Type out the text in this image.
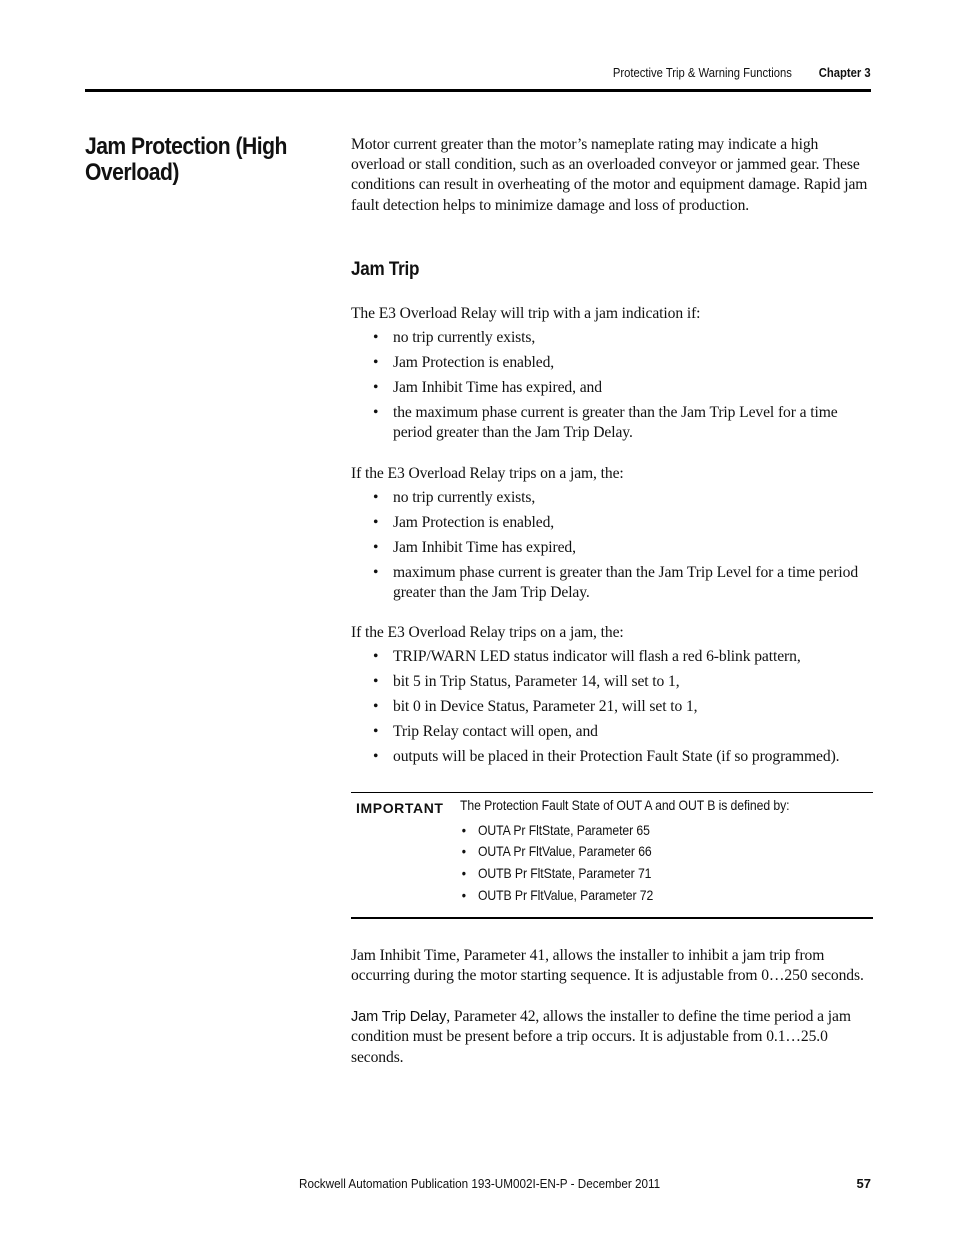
Protective Trip & Warning Functions Chapter 3
Jam Protection (High Overload)

Motor current greater than the motor’s nameplate rating may indicate a high overload or stall condition, such as an overloaded conveyor or jammed gear. These conditions can result in overheating of the motor and equipment damage. Rapid jam fault detection helps to minimize damage and loss of production.

Jam Trip

The E3 Overload Relay will trip with a jam indication if:

• no trip currently exists,
• Jam Protection is enabled,
• Jam Inhibit Time has expired, and
• the maximum phase current is greater than the Jam Trip Level for a time period greater than the Jam Trip Delay.

If the E3 Overload Relay trips on a jam, the:

• no trip currently exists,
• Jam Protection is enabled,
• Jam Inhibit Time has expired,
• maximum phase current is greater than the Jam Trip Level for a time period greater than the Jam Trip Delay.

If the E3 Overload Relay trips on a jam, the:

• TRIP/WARN LED status indicator will flash a red 6-blink pattern,
• bit 5 in Trip Status, Parameter 14, will set to 1,
• bit 0 in Device Status, Parameter 21, will set to 1,
• Trip Relay contact will open, and
• outputs will be placed in their Protection Fault State (if so programmed).
IMPORTANT The Protection Fault State of OUT A and OUT B is defined by:
• OUTA Pr FltState, Parameter 65
• OUTA Pr FltValue, Parameter 66
• OUTB Pr FltState, Parameter 71
• OUTB Pr FltValue, Parameter 72

Jam Inhibit Time, Parameter 41, allows the installer to inhibit a jam trip from occurring during the motor starting sequence. It is adjustable from 0…250 seconds.

Jam Trip Delay, Parameter 42, allows the installer to define the time period a jam condition must be present before a trip occurs. It is adjustable from 0.1…25.0 seconds.

Rockwell Automation Publication 193-UM002I-EN-P - December 2011	57
